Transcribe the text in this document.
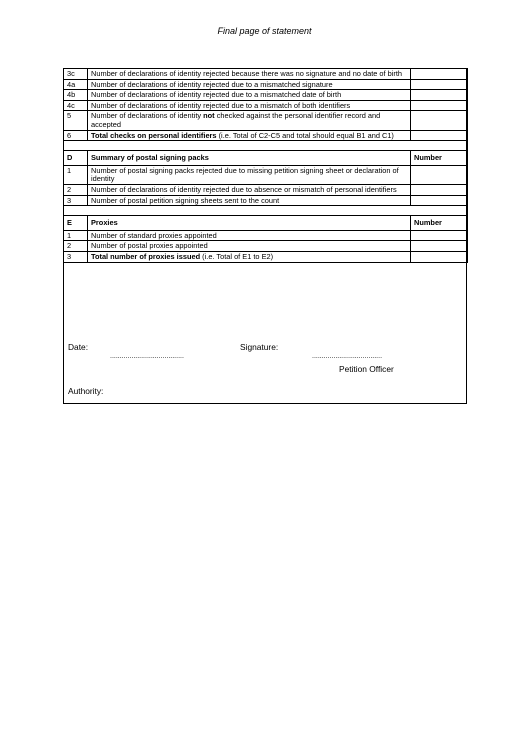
Final page of statement
3c	Number of declarations of identity rejected because there was no signature and no date of birth	
4a	Number of declarations of identity rejected due to a mismatched signature	
4b	Number of declarations of identity rejected due to a mismatched date of birth	
4c	Number of declarations of identity rejected due to a mismatch of both identifiers	
5	Number of declarations of identity not checked against the personal identifier record and accepted	
6	Total checks on personal identifiers (i.e. Total of C2-C5 and total should equal B1 and C1)	

D	Summary of postal signing packs	Number
1	Number of postal signing packs rejected due to missing petition signing sheet or declaration of identity	
2	Number of declarations of identity rejected due to absence or mismatch of personal identifiers	
3	Number of postal petition signing sheets sent to the count	

E	Proxies	Number
1	Number of standard proxies appointed	
2	Number of postal proxies appointed	
3	Total number of proxies issued (i.e. Total of E1 to E2)	
Date:
......................................
Signature:
....................................
Petition Officer
Authority:
